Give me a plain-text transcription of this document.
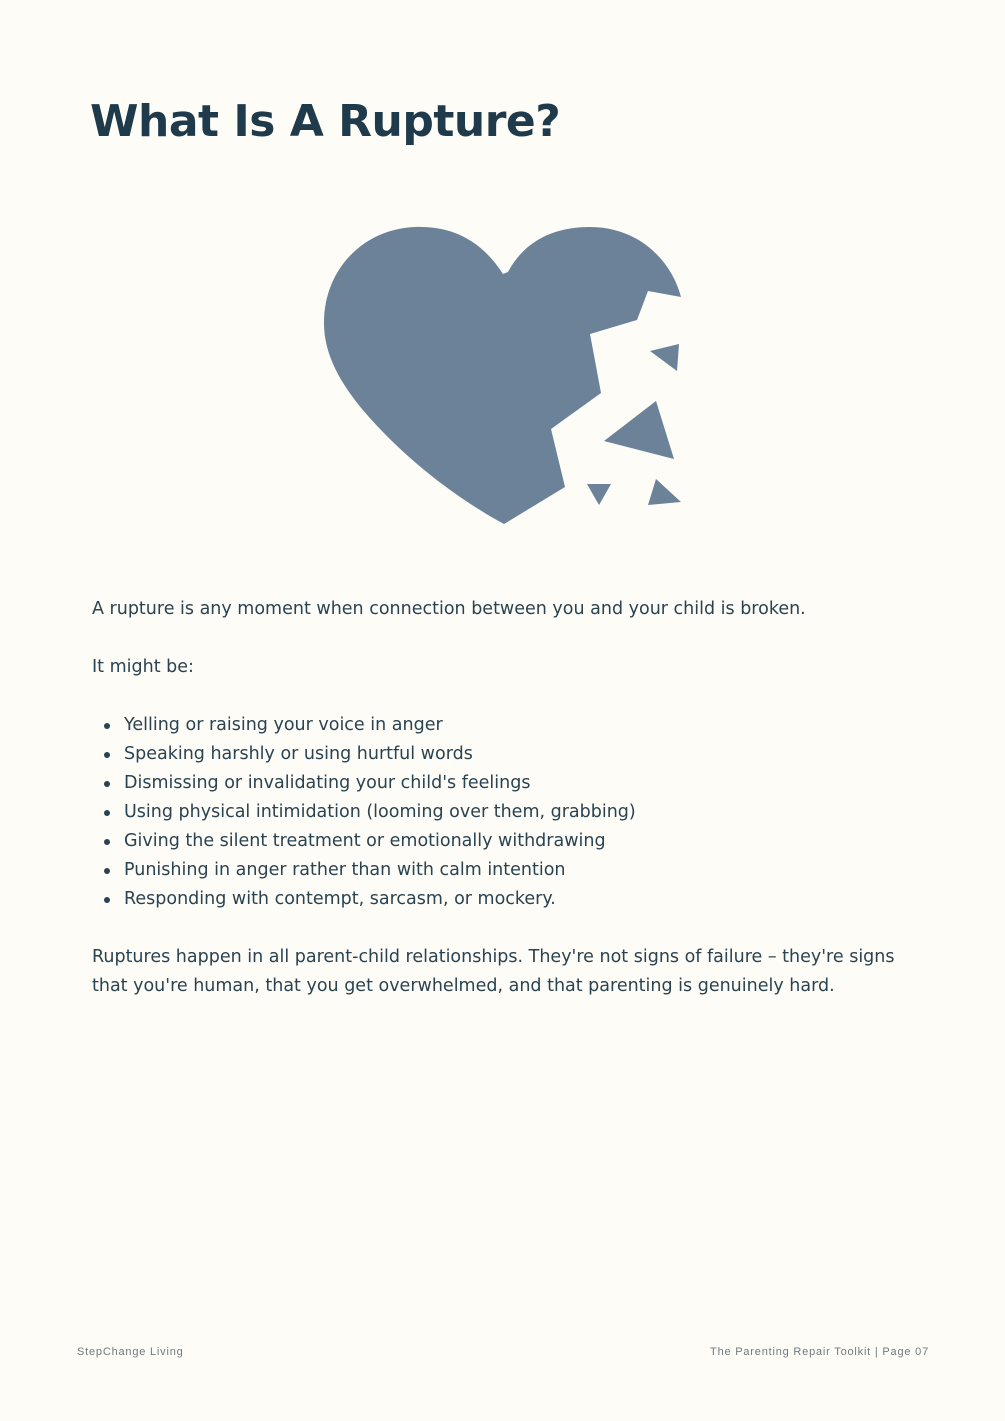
What Is A Rupture?

A rupture is any moment when connection between you and your child is broken.

It might be:

Yelling or raising your voice in anger
Speaking harshly or using hurtful words
Dismissing or invalidating your child's feelings
Using physical intimidation (looming over them, grabbing)
Giving the silent treatment or emotionally withdrawing
Punishing in anger rather than with calm intention
Responding with contempt, sarcasm, or mockery.

Ruptures happen in all parent-child relationships. They're not signs of failure – they're signs
that you're human, that you get overwhelmed, and that parenting is genuinely hard.

StepChange Living	The Parenting Repair Toolkit | Page 07
